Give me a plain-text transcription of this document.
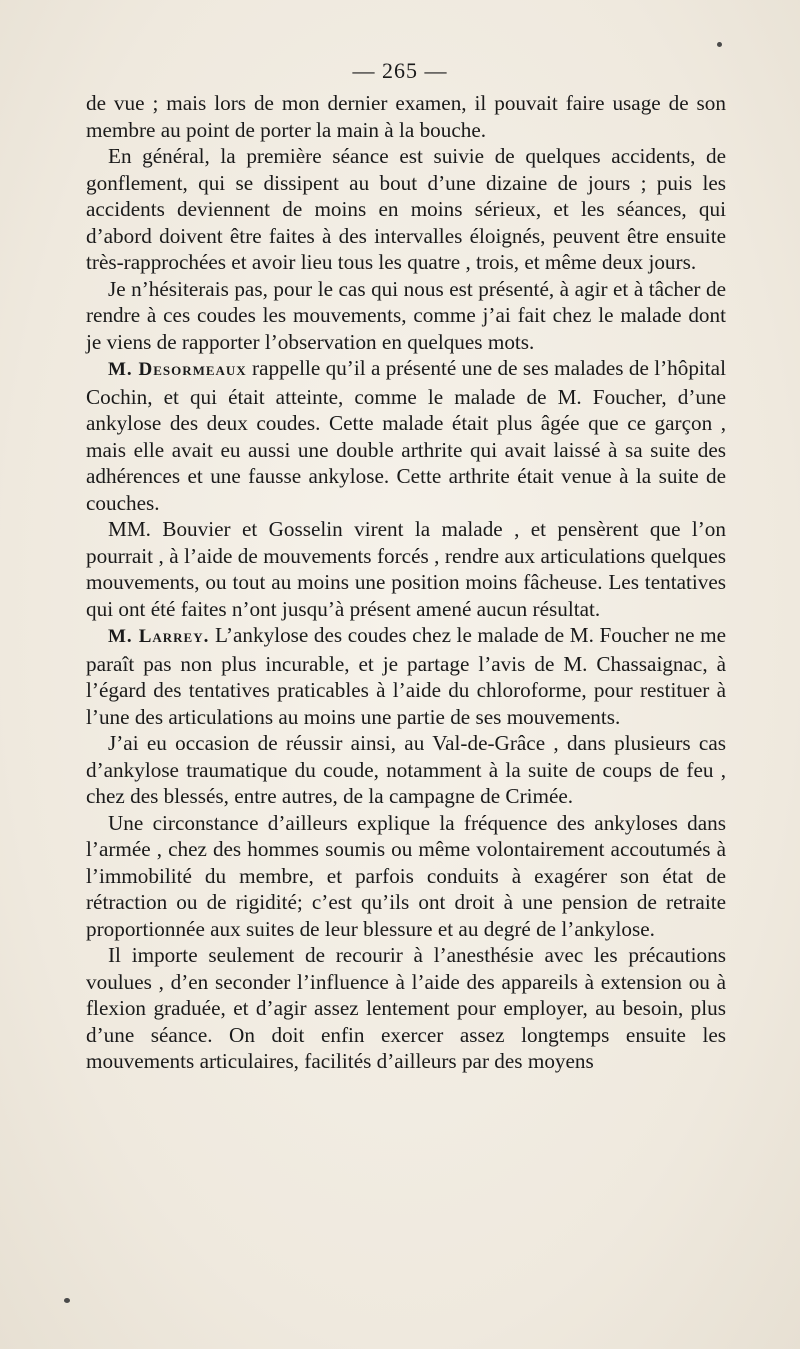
— 265 —

de vue ; mais lors de mon dernier examen, il pouvait faire usage de son membre au point de porter la main à la bouche.

En général, la première séance est suivie de quelques accidents, de gonflement, qui se dissipent au bout d’une dizaine de jours ; puis les accidents deviennent de moins en moins sérieux, et les séances, qui d’abord doivent être faites à des intervalles éloignés, peuvent être ensuite très-rapprochées et avoir lieu tous les quatre , trois, et même deux jours.

Je n’hésiterais pas, pour le cas qui nous est présenté, à agir et à tâcher de rendre à ces coudes les mouvements, comme j’ai fait chez le malade dont je viens de rapporter l’observation en quelques mots.

M. Desormeaux rappelle qu’il a présenté une de ses malades de l’hôpital Cochin, et qui était atteinte, comme le malade de M. Foucher, d’une ankylose des deux coudes. Cette malade était plus âgée que ce garçon , mais elle avait eu aussi une double arthrite qui avait laissé à sa suite des adhérences et une fausse ankylose. Cette arthrite était venue à la suite de couches.

MM. Bouvier et Gosselin virent la malade , et pensèrent que l’on pourrait , à l’aide de mouvements forcés , rendre aux articulations quelques mouvements, ou tout au moins une position moins fâcheuse. Les tentatives qui ont été faites n’ont jusqu’à présent amené aucun résultat.

M. Larrey. L’ankylose des coudes chez le malade de M. Foucher ne me paraît pas non plus incurable, et je partage l’avis de M. Chassaignac, à l’égard des tentatives praticables à l’aide du chloroforme, pour restituer à l’une des articulations au moins une partie de ses mouvements.

J’ai eu occasion de réussir ainsi, au Val-de-Grâce , dans plusieurs cas d’ankylose traumatique du coude, notamment à la suite de coups de feu , chez des blessés, entre autres, de la campagne de Crimée.

Une circonstance d’ailleurs explique la fréquence des ankyloses dans l’armée , chez des hommes soumis ou même volontairement accoutumés à l’immobilité du membre, et parfois conduits à exagérer son état de rétraction ou de rigidité; c’est qu’ils ont droit à une pension de retraite proportionnée aux suites de leur blessure et au degré de l’ankylose.

Il importe seulement de recourir à l’anesthésie avec les précautions voulues , d’en seconder l’influence à l’aide des appareils à extension ou à flexion graduée, et d’agir assez lentement pour employer, au besoin, plus d’une séance. On doit enfin exercer assez longtemps ensuite les mouvements articulaires, facilités d’ailleurs par des moyens
